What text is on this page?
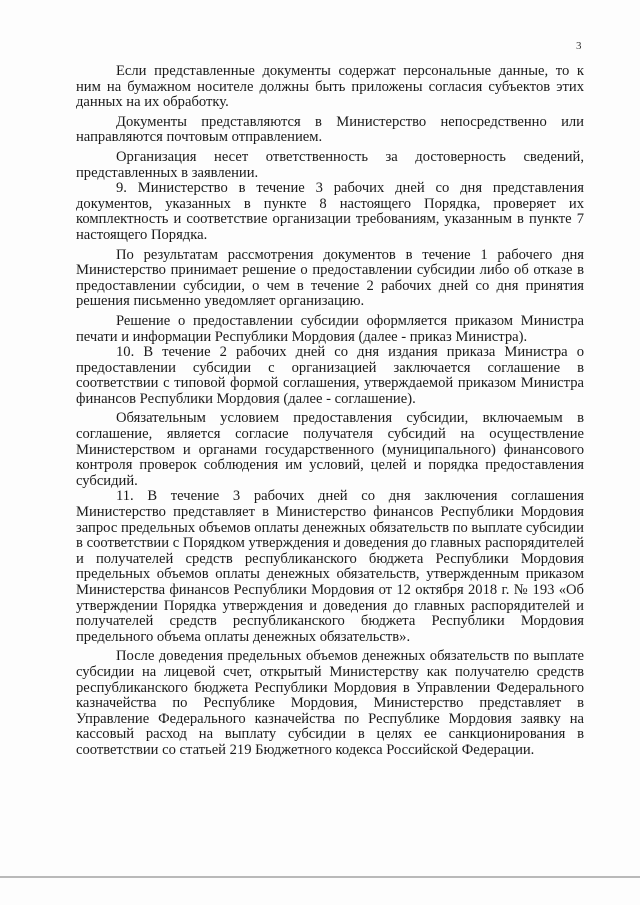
3

Если представленные документы содержат персональные данные, то к ним на бумажном носителе должны быть приложены согласия субъектов этих данных на их обработку.

Документы представляются в Министерство непосредственно или направляются почтовым отправлением.

Организация несет ответственность за достоверность сведений, представленных в заявлении.

9. Министерство в течение 3 рабочих дней со дня представления документов, указанных в пункте 8 настоящего Порядка, проверяет их комплектность и соответствие организации требованиям, указанным в пункте 7 настоящего Порядка.

По результатам рассмотрения документов в течение 1 рабочего дня Министерство принимает решение о предоставлении субсидии либо об отказе в предоставлении субсидии, о чем в течение 2 рабочих дней со дня принятия решения письменно уведомляет организацию.

Решение о предоставлении субсидии оформляется приказом Министра печати и информации Республики Мордовия (далее - приказ Министра).

10. В течение 2 рабочих дней со дня издания приказа Министра о предоставлении субсидии с организацией заключается соглашение в соответствии с типовой формой соглашения, утверждаемой приказом Министра финансов Республики Мордовия (далее - соглашение).

Обязательным условием предоставления субсидии, включаемым в соглашение, является согласие получателя субсидий на осуществление Министерством и органами государственного (муниципального) финансового контроля проверок соблюдения им условий, целей и порядка предоставления субсидий.

11. В течение 3 рабочих дней со дня заключения соглашения Министерство представляет в Министерство финансов Республики Мордовия запрос предельных объемов оплаты денежных обязательств по выплате субсидии в соответствии с Порядком утверждения и доведения до главных распорядителей и получателей средств республиканского бюджета Республики Мордовия предельных объемов оплаты денежных обязательств, утвержденным приказом Министерства финансов Республики Мордовия от 12 октября 2018 г. № 193 «Об утверждении Порядка утверждения и доведения до главных распорядителей и получателей средств республиканского бюджета Республики Мордовия предельного объема оплаты денежных обязательств».

После доведения предельных объемов денежных обязательств по выплате субсидии на лицевой счет, открытый Министерству как получателю средств республиканского бюджета Республики Мордовия в Управлении Федерального казначейства по Республике Мордовия, Министерство представляет в Управление Федерального казначейства по Республике Мордовия заявку на кассовый расход на выплату субсидии в целях ее санкционирования в соответствии со статьей 219 Бюджетного кодекса Российской Федерации.
